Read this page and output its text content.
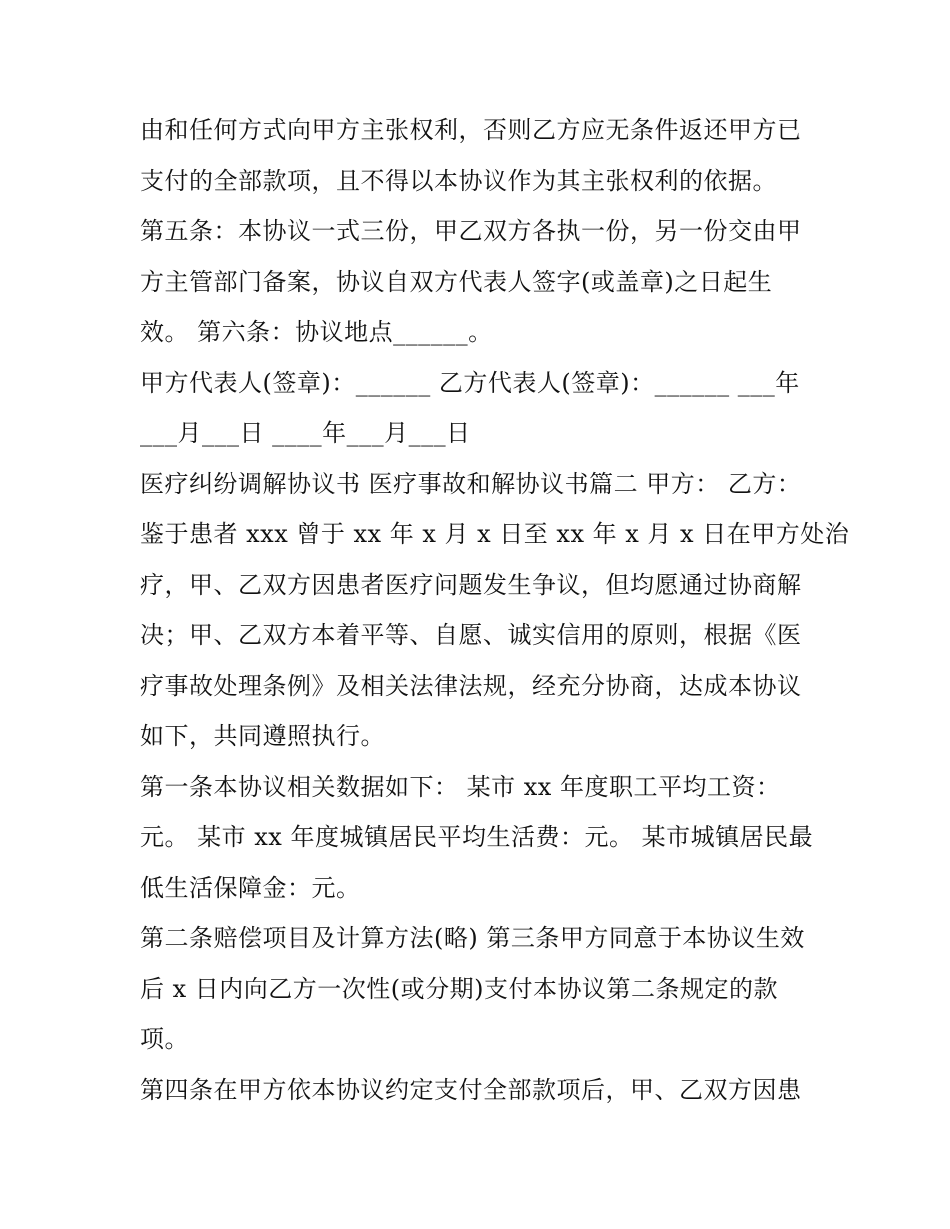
由和任何方式向甲方主张权利，否则乙方应无条件返还甲方已
支付的全部款项，且不得以本协议作为其主张权利的依据。
第五条：本协议一式三份，甲乙双方各执一份，另一份交由甲
方主管部门备案，协议自双方代表人签字(或盖章)之日起生
效。 第六条：协议地点______。
甲方代表人(签章)：______ 乙方代表人(签章)：______ ___年
___月___日 ____年___月___日
医疗纠纷调解协议书 医疗事故和解协议书篇二 甲方： 乙方：
鉴于患者 xxx 曾于 xx 年 x 月 x 日至 xx 年 x 月 x 日在甲方处治
疗，甲、乙双方因患者医疗问题发生争议，但均愿通过协商解
决；甲、乙双方本着平等、自愿、诚实信用的原则，根据《医
疗事故处理条例》及相关法律法规，经充分协商，达成本协议
如下，共同遵照执行。
第一条本协议相关数据如下： 某市 xx 年度职工平均工资：
元。 某市 xx 年度城镇居民平均生活费：元。 某市城镇居民最
低生活保障金：元。
第二条赔偿项目及计算方法(略) 第三条甲方同意于本协议生效
后 x 日内向乙方一次性(或分期)支付本协议第二条规定的款
项。
第四条在甲方依本协议约定支付全部款项后，甲、乙双方因患
